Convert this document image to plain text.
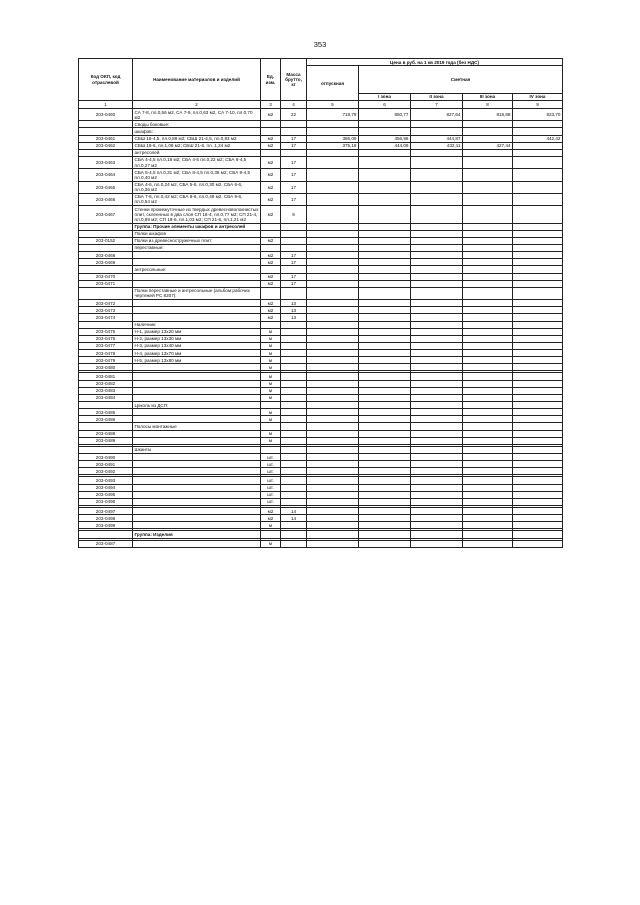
353
Код ОКП, код отраслевой	Наименование материалов и изделий	Ед. изм.	Масса брутто, кг	Цена в руб. на 1 кв 2019 года (без НДС)				
				отпускная	Сметная			
					I зона	II зона	III зона	IV зона
1	2	3	4	5	6	7	8	9
203-0460	СА 7-8, пл.0,56 м2, СА 7-9, пл.0,63 м2, СА 7-10, пл.0,70 м2	м2	22	718,79	850,77	827,64	818,88	823,70
	Своды боковые:							
	шкафов:							
203-0461	СБШ 18-4,5, пл.0,89 м2; СБШ 21-4,5, пл.0,93 м2	м2	17	386,09	456,96	444,87		442,42
203-0462	СБШ 18-6, пл.1,08 м2; СБШ 21-6, пл. 1,24 м2	м2	17	375,18	444,09	432,11	427,44	
	антресолей							
203-0463	СБА 4-4,5 пл.0,18 м2; СБА 4-5 пл.0,22 м2; СБА 6-4,5 пл.0,27 м2	м2	17					
203-0464	СБА 5-4,5 пл.0,31 м2; СБА 8-4,5 пл.0,36 м2; СБА 9-4,5 пл.0,40 м2	м2	17					
203-0465	СБА 4-6, пл.0,24 м2, СБА 5-6, пл.0,30 м2, СБА 6-6, пл.0,36 м2	м2	17					
203-0466	СБА 7-6, пл.0,42 м2; СБА 8-6, пл.0,48 м2, СБА 9-6, пл.0,54 м2	м2	17					
203-0467	Стенки промежуточные из твердых древесноволокнистых плит, склеенных в два слоя СП 18-4, пл.0,77 м2; СП 21-4, пл.0,89 м2; СП 18-6, пл.1,03 м2; СП 21-6, пл.1,21 м2	м2	9					
	Группа: Прочие элементы шкафов и антресолей							
	Полки шкафов							
203-0152	Полки из древесностружечных плит:	м2						
	переставные:							
203-0468		м2	17					
203-0469		м2	17					
	антресольные:							
203-0470		м2	17					
203-0471		м2	17					
	Полки переставные и антресольные (альбом рабочих чертежей РС 8207):							
203-0472		м2	13					
203-0473		м2	13					
203-0474		м2	13					
	Наличник:							
203-0475	Н-1, размер 13х20 мм	м						
203-0476	Н-2, размер 13х30 мм	м						
203-0477	Н-3, размер 13х40 мм	м						
203-0478	Н-4, размер 13х70 мм	м						
203-0479	Н-5, размер 13х80 мм	м						
203-0480		м						

203-0481		м						
203-0482		м						
203-0483		м						
203-0484		м						
	Цоколь из ДСП:							
203-0485		м						
203-0486		м						
	Полосы монтажные							
203-0488		м						
203-0489		м						

	Шканты							
203-0490		шт.						
203-0491		шт.						
203-0492		шт.						

203-0493		шт.						
203-0494		шт.						
203-0495		шт.						
203-0496		шт.						

203-0497		м2	14					
203-0498		м2	14					
203-0499		м						

	Группа: Изделия							

203-0487		м						
